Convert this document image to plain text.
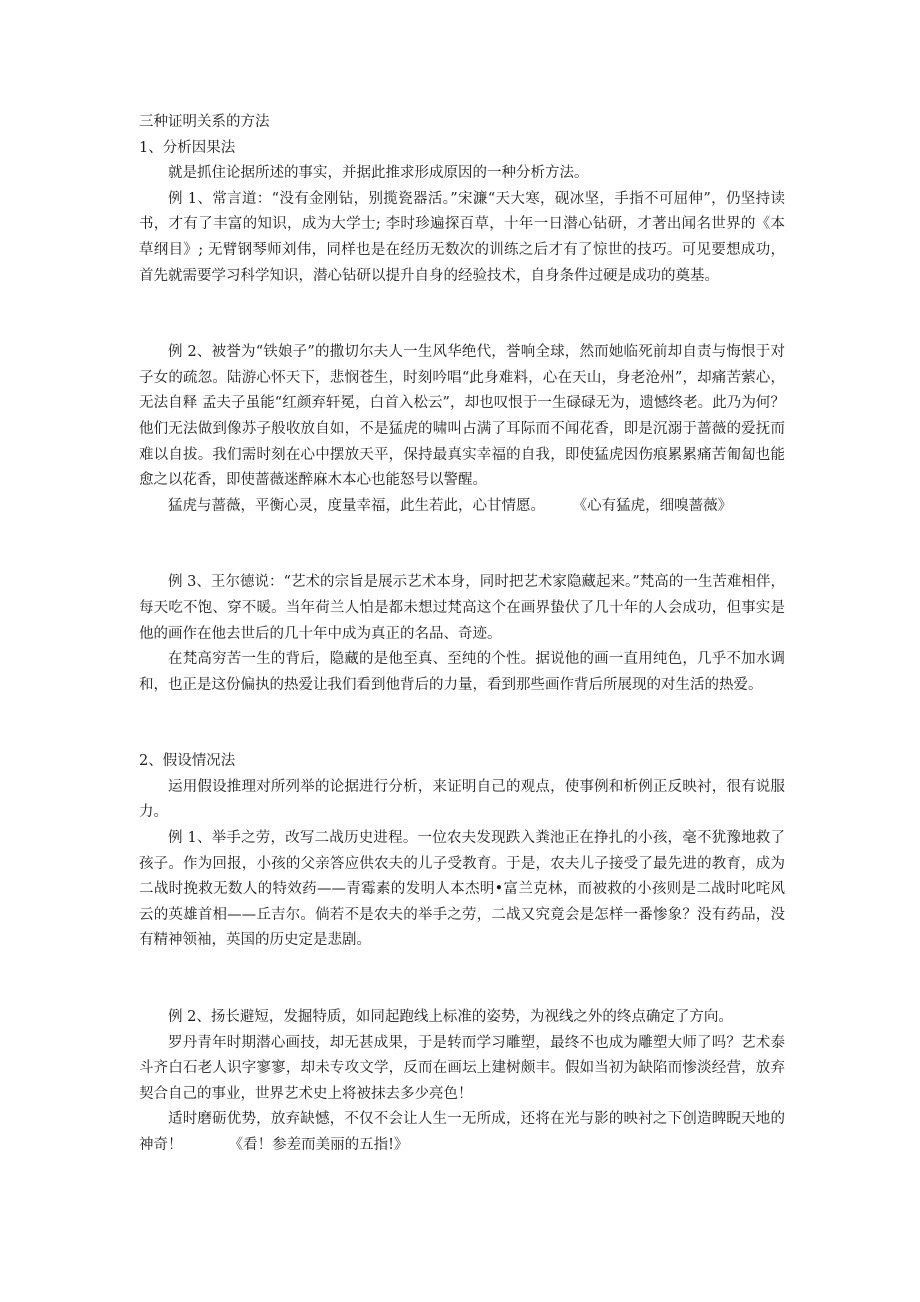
三种证明关系的方法

1、分析因果法

就是抓住论据所述的事实，并据此推求形成原因的一种分析方法。

例 1、常言道：“没有金刚钻，别揽瓷器活。”宋濂“天大寒，砚冰坚，手指不可屈伸”，仍坚持读书，才有了丰富的知识，成为大学士; 李时珍遍探百草，十年一日潜心钻研，才著出闻名世界的《本草纲目》; 无臂钢琴师刘伟，同样也是在经历无数次的训练之后才有了惊世的技巧。可见要想成功，首先就需要学习科学知识，潜心钻研以提升自身的经验技术，自身条件过硬是成功的奠基。

例 2、被誉为“铁娘子”的撒切尔夫人一生风华绝代，誉响全球，然而她临死前却自责与悔恨于对子女的疏忽。陆游心怀天下，悲悯苍生，时刻吟唱“此身难料，心在天山，身老沧州”，却痛苦萦心，无法自释 孟夫子虽能“红颜弃轩冕，白首入松云”，却也叹恨于一生碌碌无为，遗憾终老。此乃为何？他们无法做到像苏子般收放自如，不是猛虎的啸叫占满了耳际而不闻花香，即是沉溺于蔷薇的爱抚而难以自拔。我们需时刻在心中摆放天平，保持最真实幸福的自我，即使猛虎因伤痕累累痛苦匍匐也能愈之以花香，即使蔷薇迷醉麻木本心也能怒号以警醒。

猛虎与蔷薇，平衡心灵，度量幸福，此生若此，心甘情愿。 《心有猛虎，细嗅蔷薇》

例 3、王尔德说：“艺术的宗旨是展示艺术本身，同时把艺术家隐藏起来。”梵高的一生苦难相伴，每天吃不饱、穿不暖。当年荷兰人怕是都未想过梵高这个在画界蛰伏了几十年的人会成功，但事实是他的画作在他去世后的几十年中成为真正的名品、奇迹。

在梵高穷苦一生的背后，隐藏的是他至真、至纯的个性。据说他的画一直用纯色，几乎不加水调和，也正是这份偏执的热爱让我们看到他背后的力量，看到那些画作背后所展现的对生活的热爱。

2、假设情况法

运用假设推理对所列举的论据进行分析，来证明自己的观点，使事例和析例正反映衬，很有说服力。

例 1、举手之劳，改写二战历史进程。一位农夫发现跌入粪池正在挣扎的小孩，毫不犹豫地救了孩子。作为回报，小孩的父亲答应供农夫的儿子受教育。于是，农夫儿子接受了最先进的教育，成为二战时挽救无数人的特效药——青霉素的发明人本杰明•富兰克林，而被救的小孩则是二战时叱咤风云的英雄首相——丘吉尔。倘若不是农夫的举手之劳，二战又究竟会是怎样一番惨象？没有药品，没有精神领袖，英国的历史定是悲剧。

例 2、扬长避短，发掘特质，如同起跑线上标准的姿势，为视线之外的终点确定了方向。

罗丹青年时期潜心画技，却无甚成果，于是转而学习雕塑，最终不也成为雕塑大师了吗？艺术泰斗齐白石老人识字寥寥，却未专攻文学，反而在画坛上建树颇丰。假如当初为缺陷而惨淡经营，放弃契合自己的事业，世界艺术史上将被抹去多少亮色！

适时磨砺优势，放弃缺憾，不仅不会让人生一无所成，还将在光与影的映衬之下创造睥睨天地的神奇！	《看！参差而美丽的五指!》
